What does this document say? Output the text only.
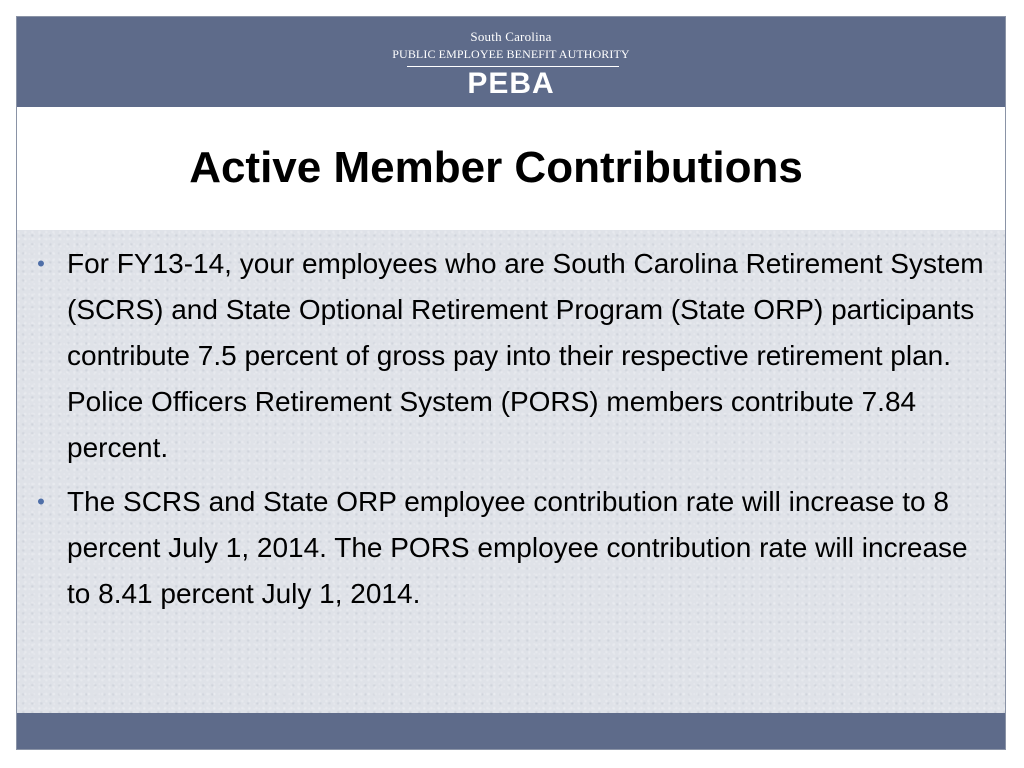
South Carolina
PUBLIC EMPLOYEE BENEFIT AUTHORITY
PEBA
Active Member Contributions
• For FY13-14, your employees who are South Carolina Retirement System (SCRS) and State Optional Retirement Program (State ORP) participants contribute 7.5 percent of gross pay into their respective retirement plan. Police Officers Retirement System (PORS) members contribute 7.84 percent.
• The SCRS and State ORP employee contribution rate will increase to 8 percent July 1, 2014. The PORS employee contribution rate will increase to 8.41 percent July 1, 2014.
